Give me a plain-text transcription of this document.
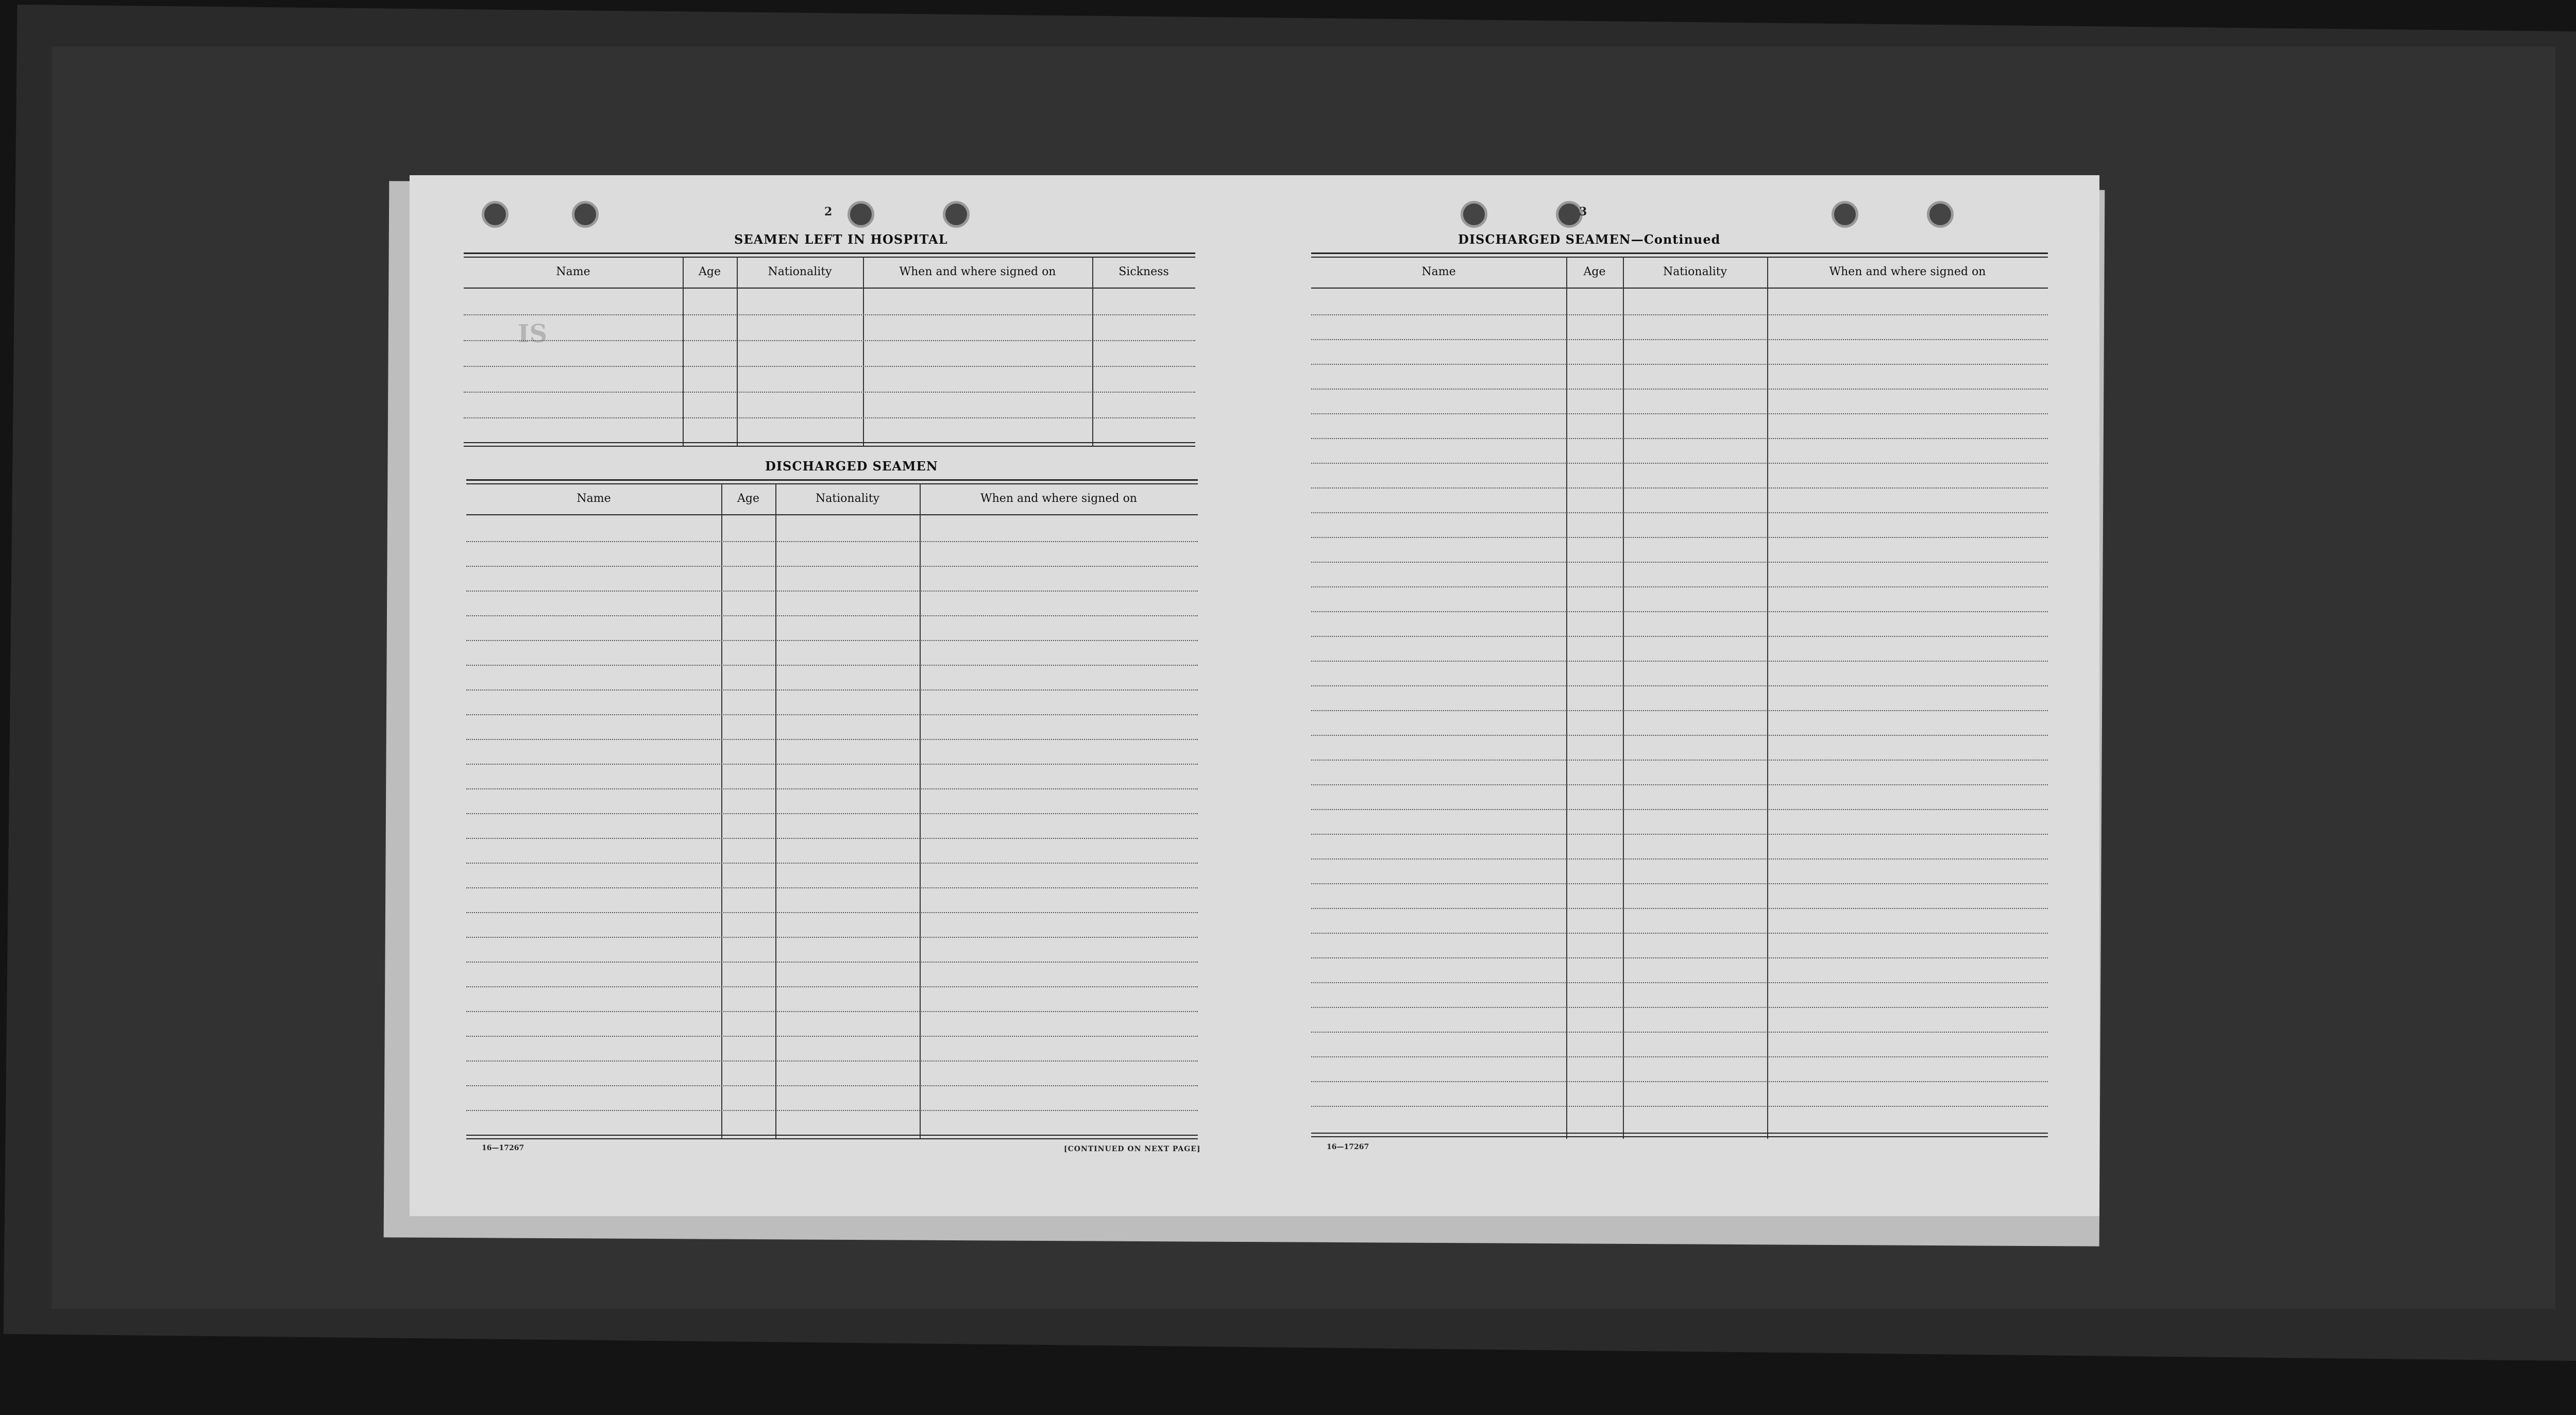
2
SEAMEN LEFT IN HOSPITAL
IS
Name	Age	Nationality	When and where signed on	Sickness
DISCHARGED SEAMEN
Name	Age	Nationality	When and where signed on
16—17267	[CONTINUED ON NEXT PAGE]
3
DISCHARGED SEAMEN—Continued
Name	Age	Nationality	When and where signed on
16—17267
